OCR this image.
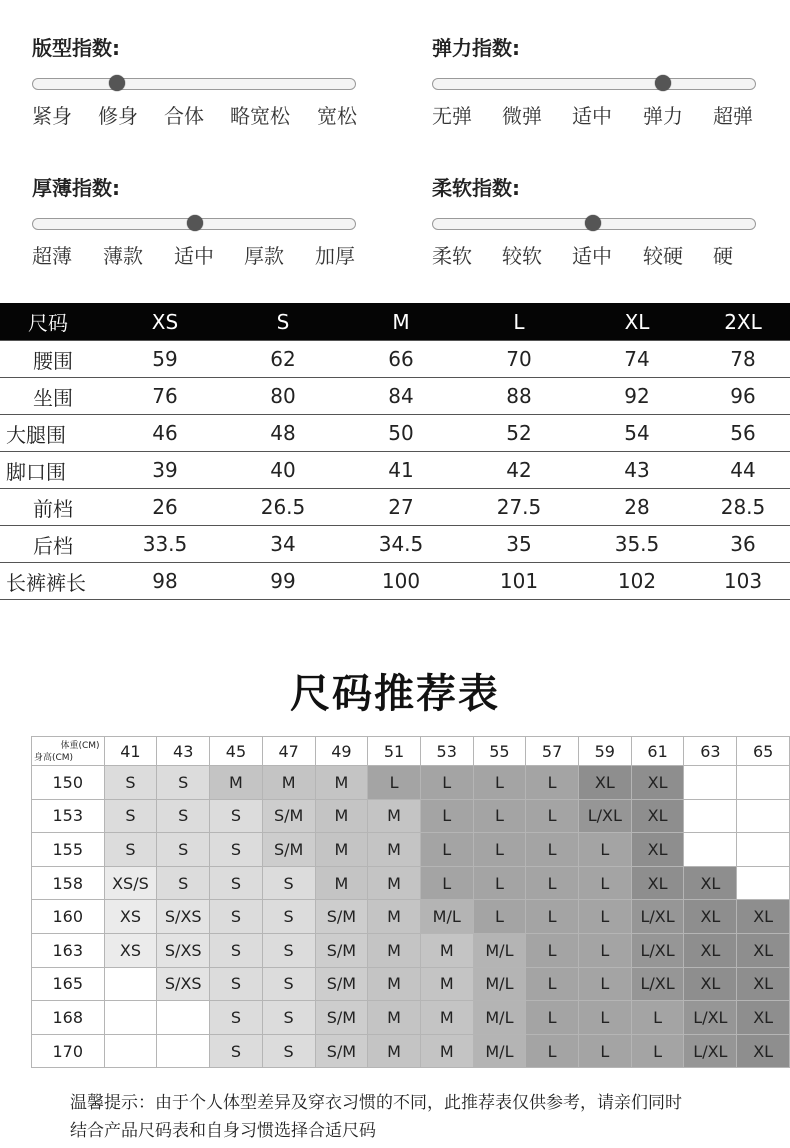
版型指数:
紧身 修身 合体 略宽松 宽松
弹力指数:
无弹 微弹 适中 弹力 超弹
厚薄指数:
超薄 薄款 适中 厚款 加厚
柔软指数:
柔软 较软 适中 较硬 硬
尺码	XS	S	M	L	XL	2XL
腰围	59	62	66	70	74	78
坐围	76	80	84	88	92	96
大腿围	46	48	50	52	54	56
脚口围	39	40	41	42	43	44
前档	26	26.5	27	27.5	28	28.5
后档	33.5	34	34.5	35	35.5	36
长裤裤长	98	99	100	101	102	103
尺码推荐表
体重(CM)
身高(CM)	41	43	45	47	49	51	53	55	57	59	61	63	65
150	S	S	M	M	M	L	L	L	L	XL	XL		
153	S	S	S	S/M	M	M	L	L	L	L/XL	XL		
155	S	S	S	S/M	M	M	L	L	L	L	XL		
158	XS/S	S	S	S	M	M	L	L	L	L	XL	XL	
160	XS	S/XS	S	S	S/M	M	M/L	L	L	L	L/XL	XL	XL
163	XS	S/XS	S	S	S/M	M	M	M/L	L	L	L/XL	XL	XL
165		S/XS	S	S	S/M	M	M	M/L	L	L	L/XL	XL	XL
168			S	S	S/M	M	M	M/L	L	L	L	L/XL	XL
170			S	S	S/M	M	M	M/L	L	L	L	L/XL	XL
温馨提示：由于个人体型差异及穿衣习惯的不同，此推荐表仅供参考，请亲们同时
结合产品尺码表和自身习惯选择合适尺码
